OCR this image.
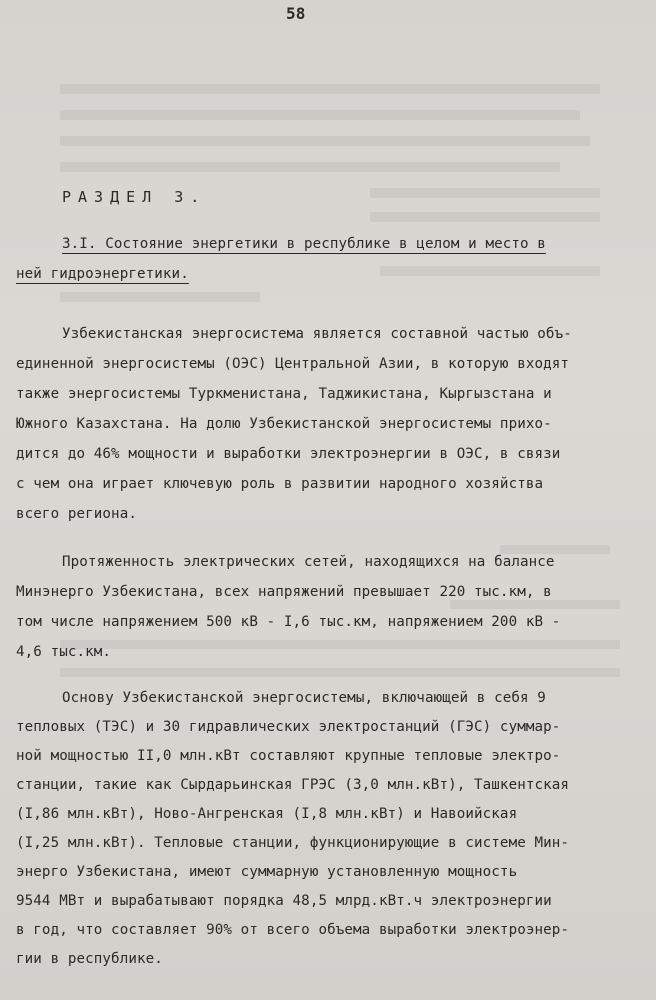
58
РАЗДЕЛ 3.
3.I. Состояние энергетики в республике в целом и место в
ней гидроэнергетики.
Узбекистанская энергосистема является составной частью объ-
единенной энергосистемы (ОЭС) Центральной Азии, в которую входят
также энергосистемы Туркменистана, Таджикистана, Кыргызстана и
Южного Казахстана. На долю Узбекистанской энергосистемы прихо-
дится до 46% мощности и выработки электроэнергии в ОЭС, в связи
с чем она играет ключевую роль в развитии народного хозяйства
всего региона.
Протяженность электрических сетей, находящихся на балансе
Минэнерго Узбекистана, всех напряжений превышает 220 тыс.км, в
том числе напряжением 500 кВ - I,6 тыс.км, напряжением 200 кВ -
4,6 тыс.км.
Основу Узбекистанской энергосистемы, включающей в себя 9
тепловых (ТЭС) и 30 гидравлических электростанций (ГЭС) суммар-
ной мощностью II,0 млн.кВт составляют крупные тепловые электро-
станции, такие как Сырдарьинская ГРЭС (3,0 млн.кВт), Ташкентская
(I,86 млн.кВт), Ново-Ангренская (I,8 млн.кВт) и Навоийская
(I,25 млн.кВт). Тепловые станции, функционирующие в системе Мин-
энерго Узбекистана, имеют суммарную установленную мощность
9544 МВт и вырабатывают порядка 48,5 млрд.кВт.ч электроэнергии
в год, что составляет 90% от всего объема выработки электроэнер-
гии в республике.
